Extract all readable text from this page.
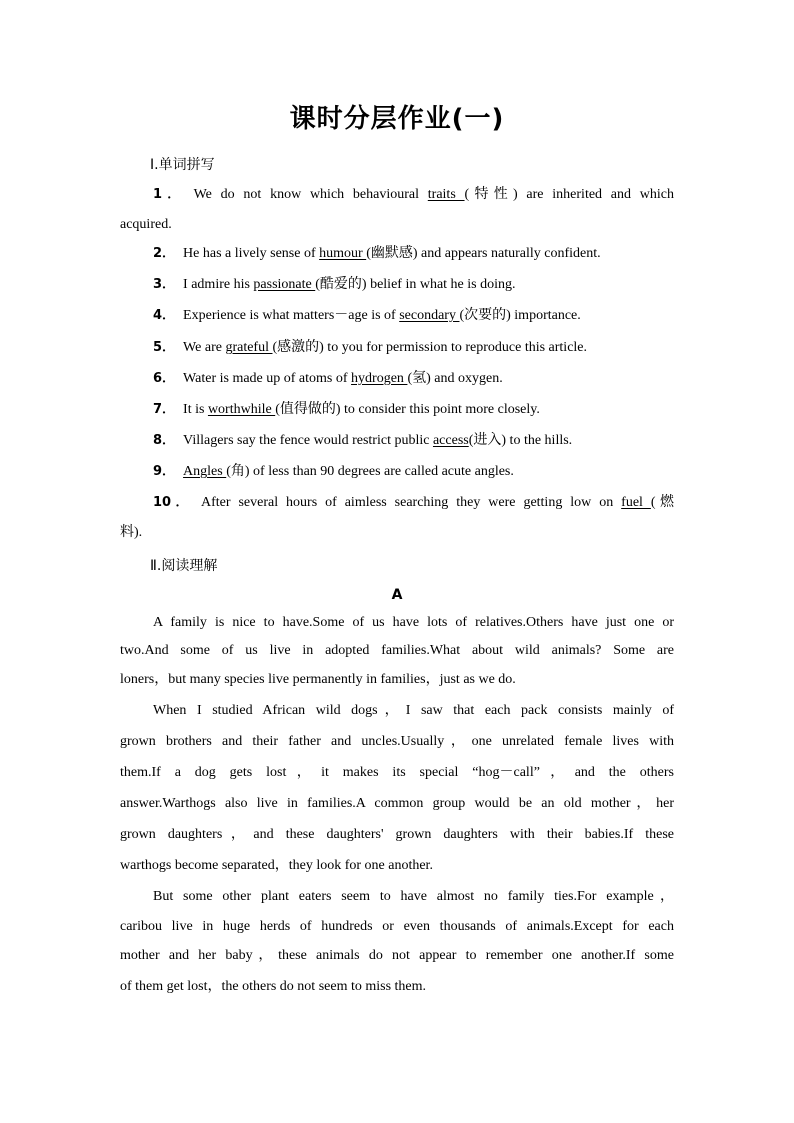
课时分层作业(一)
Ⅰ.单词拼写
1． We do not know which behavioural traits (特性) are inherited and which
acquired.
2． He has a lively sense of humour (幽默感) and appears naturally confident.
3． I admire his passionate (酷爱的) belief in what he is doing.
4． Experience is what matters－age is of secondary (次要的) importance.
5． We are grateful (感激的) to you for permission to reproduce this article.
6． Water is made up of atoms of hydrogen (氢) and oxygen.
7． It is worthwhile (值得做的) to consider this point more closely.
8． Villagers say the fence would restrict public access(进入) to the hills.
9． Angles (角) of less than 90 degrees are called acute angles.
10． After several hours of aimless searching they were getting low on fuel (燃
料).
Ⅱ.阅读理解
A
A family is nice to have.Some of us have lots of relatives.Others have just one or
two.And some of us live in adopted families.What about wild animals? Some are
loners，but many species live permanently in families，just as we do.
When I studied African wild dogs，I saw that each pack consists mainly of
grown brothers and their father and uncles.Usually，one unrelated female lives with
them.If a dog gets lost，it makes its special “hog－call”，and the others
answer.Warthogs also live in families.A common group would be an old mother，her
grown daughters，and these daughters' grown daughters with their babies.If these
warthogs become separated，they look for one another.
But some other plant eaters seem to have almost no family ties.For example，
caribou live in huge herds of hundreds or even thousands of animals.Except for each
mother and her baby，these animals do not appear to remember one another.If some
of them get lost，the others do not seem to miss them.
